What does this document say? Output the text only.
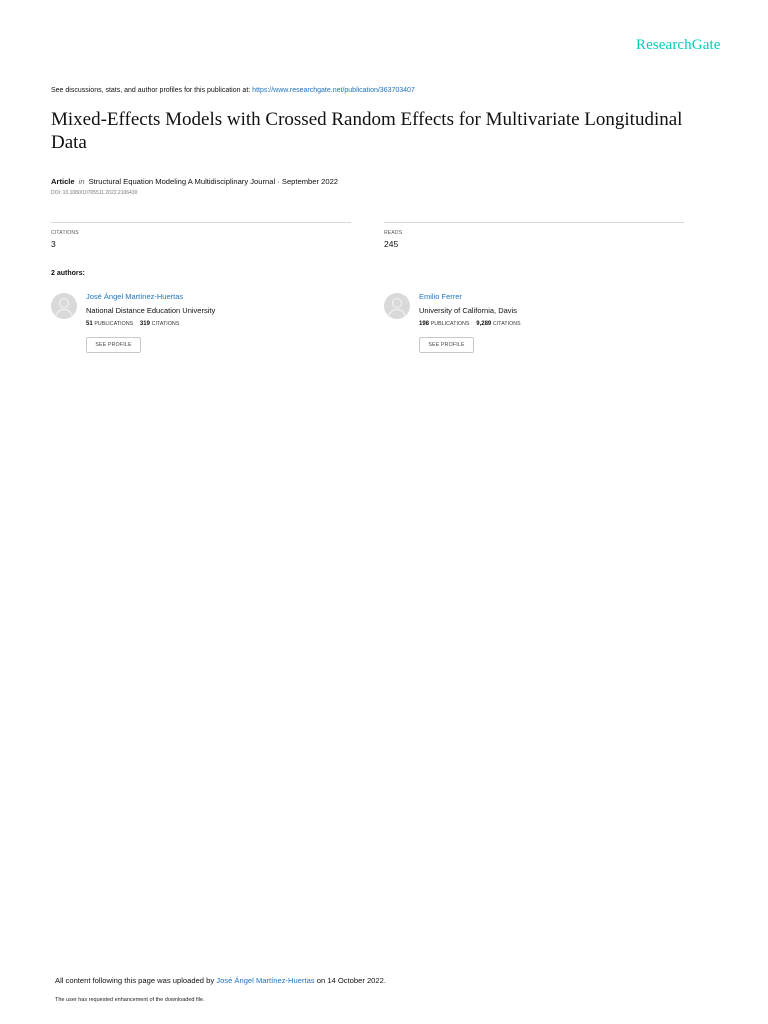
ResearchGate
See discussions, stats, and author profiles for this publication at: https://www.researchgate.net/publication/363703407
Mixed-Effects Models with Crossed Random Effects for Multivariate Longitudinal Data
Article in Structural Equation Modeling A Multidisciplinary Journal · September 2022
DOI: 10.1080/10705511.2022.2106430
CITATIONS
3
READS
245
2 authors:
José Ángel Martínez-Huertas
National Distance Education University
51 PUBLICATIONS 319 CITATIONS
SEE PROFILE
Emilio Ferrer
University of California, Davis
198 PUBLICATIONS 9,289 CITATIONS
SEE PROFILE
All content following this page was uploaded by José Ángel Martínez-Huertas on 14 October 2022.
The user has requested enhancement of the downloaded file.
